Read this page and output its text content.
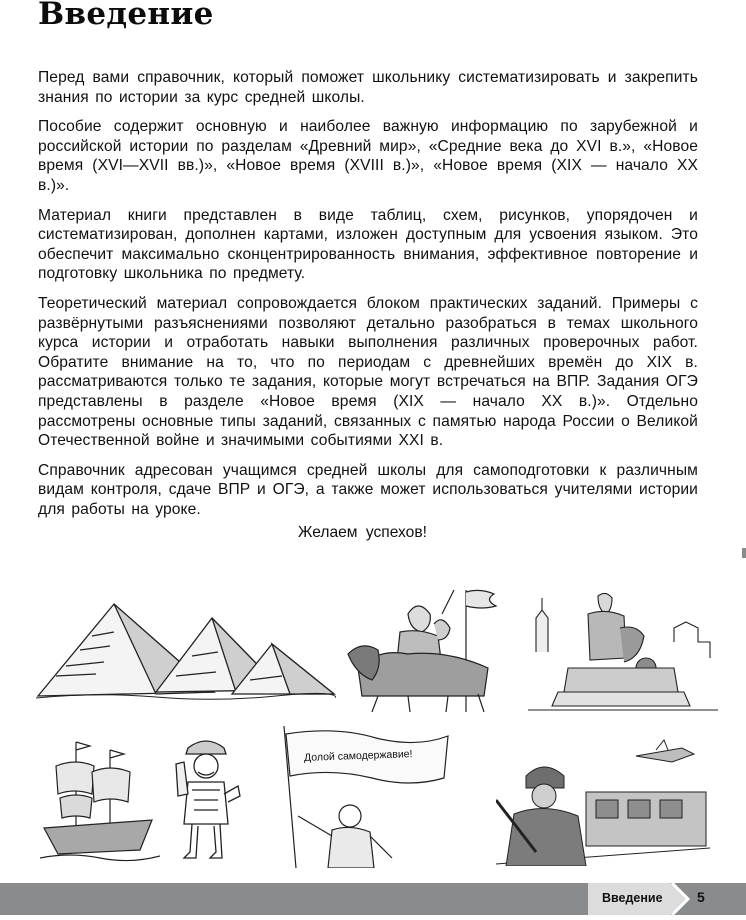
Введение

Перед вами справочник, который поможет школьнику систематизировать и закрепить знания по истории за курс средней школы.

Пособие содержит основную и наиболее важную информацию по зарубежной и российской истории по разделам «Древний мир», «Средние века до XVI в.», «Новое время (XVI—XVII вв.)», «Новое время (XVIII в.)», «Новое время (XIX — начало XX в.)».

Материал книги представлен в виде таблиц, схем, рисунков, упорядочен и систематизирован, дополнен картами, изложен доступным для усвоения языком. Это обеспечит максимально сконцентрированность внимания, эффективное повторение и подготовку школьника по предмету.

Теоретический материал сопровождается блоком практических заданий. Примеры с развёрнутыми разъяснениями позволяют детально разобраться в темах школьного курса истории и отработать навыки выполнения различных проверочных работ. Обратите внимание на то, что по периодам с древнейших времён до XIX в. рассматриваются только те задания, которые могут встречаться на ВПР. Задания ОГЭ представлены в разделе «Новое время (XIX — начало XX в.)». Отдельно рассмотрены основные типы заданий, связанных с памятью народа России о Великой Отечественной войне и значимыми событиями XXI в.

Справочник адресован учащимся средней школы для самоподготовки к различным видам контроля, сдаче ВПР и ОГЭ, а также может использоваться учителями истории для работы на уроке.

Желаем успехов!

Долой самодержавие!
Введение 5
